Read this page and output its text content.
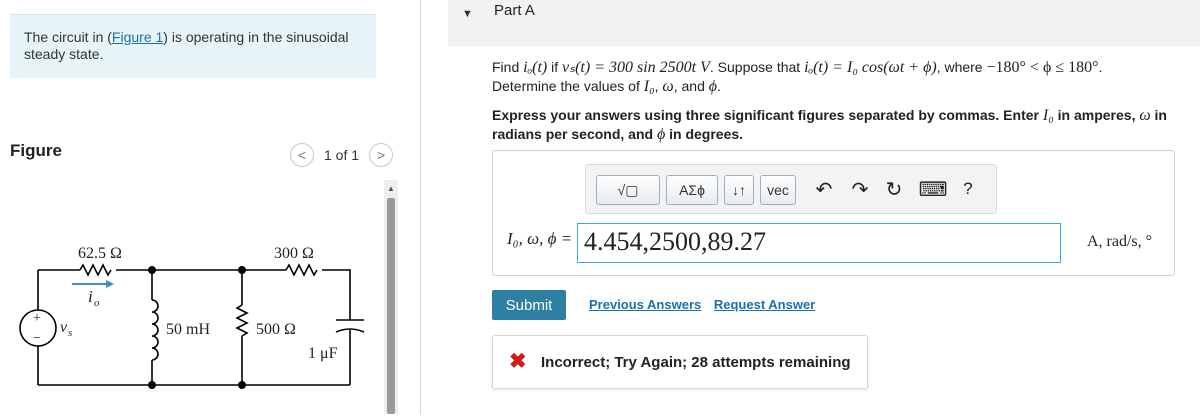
The circuit in (Figure 1) is operating in the sinusoidal steady state.

Figure	<	1 of 1	>
62.5 Ω	300 Ω
i o
v s	50 mH	500 Ω
1 μF
+
−
▲
▼ Part A
Find iₒ(t) if vₛ(t) = 300 sin 2500t V. Suppose that iₒ(t) = I₀ cos(ωt + ϕ), where −180° < ϕ ≤ 180°.
Determine the values of I₀, ω, and ϕ.
Express your answers using three significant figures separated by commas. Enter I₀ in amperes, ω in radians per second, and ϕ in degrees.
√▢	ΑΣϕ	↓↑	vec	↶ ↷ ↻ ⌨ ?
I₀, ω, ϕ = 4.454,2500,89.27	A, rad/s, °
Submit	Previous Answers Request Answer
✖ Incorrect; Try Again; 28 attempts remaining
